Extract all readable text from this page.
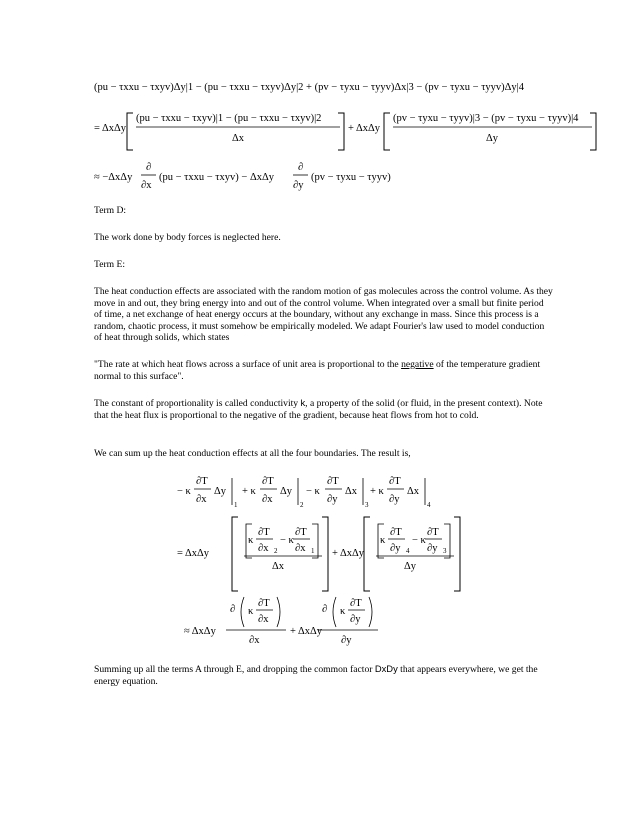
(pu − τxxu − τxyv)Δy|1 − (pu − τxxu − τxyv)Δy|2 + (pv − τyxu − τyyv)Δx|3 − (pv − τyxu − τyyv)Δy|4
= ΔxΔy
(pu − τxxu − τxyv)|1 − (pu − τxxu − τxyv)|2
Δx
+ ΔxΔy
(pv − τyxu − τyyv)|3 − (pv − τyxu − τyyv)|4
Δy
≈ −ΔxΔy
∂
∂x
(pu − τxxu − τxyv) − ΔxΔy
∂
∂y
(pv − τyxu − τyyv)

Term D:

The work done by body forces is neglected here.

Term E:

The heat conduction effects are associated with the random motion of gas molecules across the control volume. As they move in and out, they bring energy into and out of the control volume. When integrated over a small but finite period of time, a net exchange of heat energy occurs at the boundary, without any exchange in mass. Since this process is a random, chaotic process, it must somehow be empirically modeled. We adapt Fourier's law used to model conduction of heat through solids, which states

"The rate at which heat flows across a surface of unit area is proportional to the negative of the temperature gradient normal to this surface".

The constant of proportionality is called conductivity k, a property of the solid (or fluid, in the present context). Note that the heat flux is proportional to the negative of the gradient, because heat flows from hot to cold.

We can sum up the heat conduction effects at all the four boundaries. The result is,

− κ
∂T
∂x
Δy
1
+ κ
∂T
∂x
Δy
2
− κ
∂T
∂y
Δx
3
+ κ
∂T
∂y
Δx
4
= ΔxΔy
κ
∂T
∂x 2
− κ
∂T
∂x 1
Δx
+ ΔxΔy
κ
∂T
∂y 4
− κ
∂T
∂y 3
Δy
≈ ΔxΔy
∂ κ
∂T
∂x
∂x
+ ΔxΔy
∂ κ
∂T
∂y
∂y

Summing up all the terms A through E, and dropping the common factor DxDy that appears everywhere, we get the energy equation.
